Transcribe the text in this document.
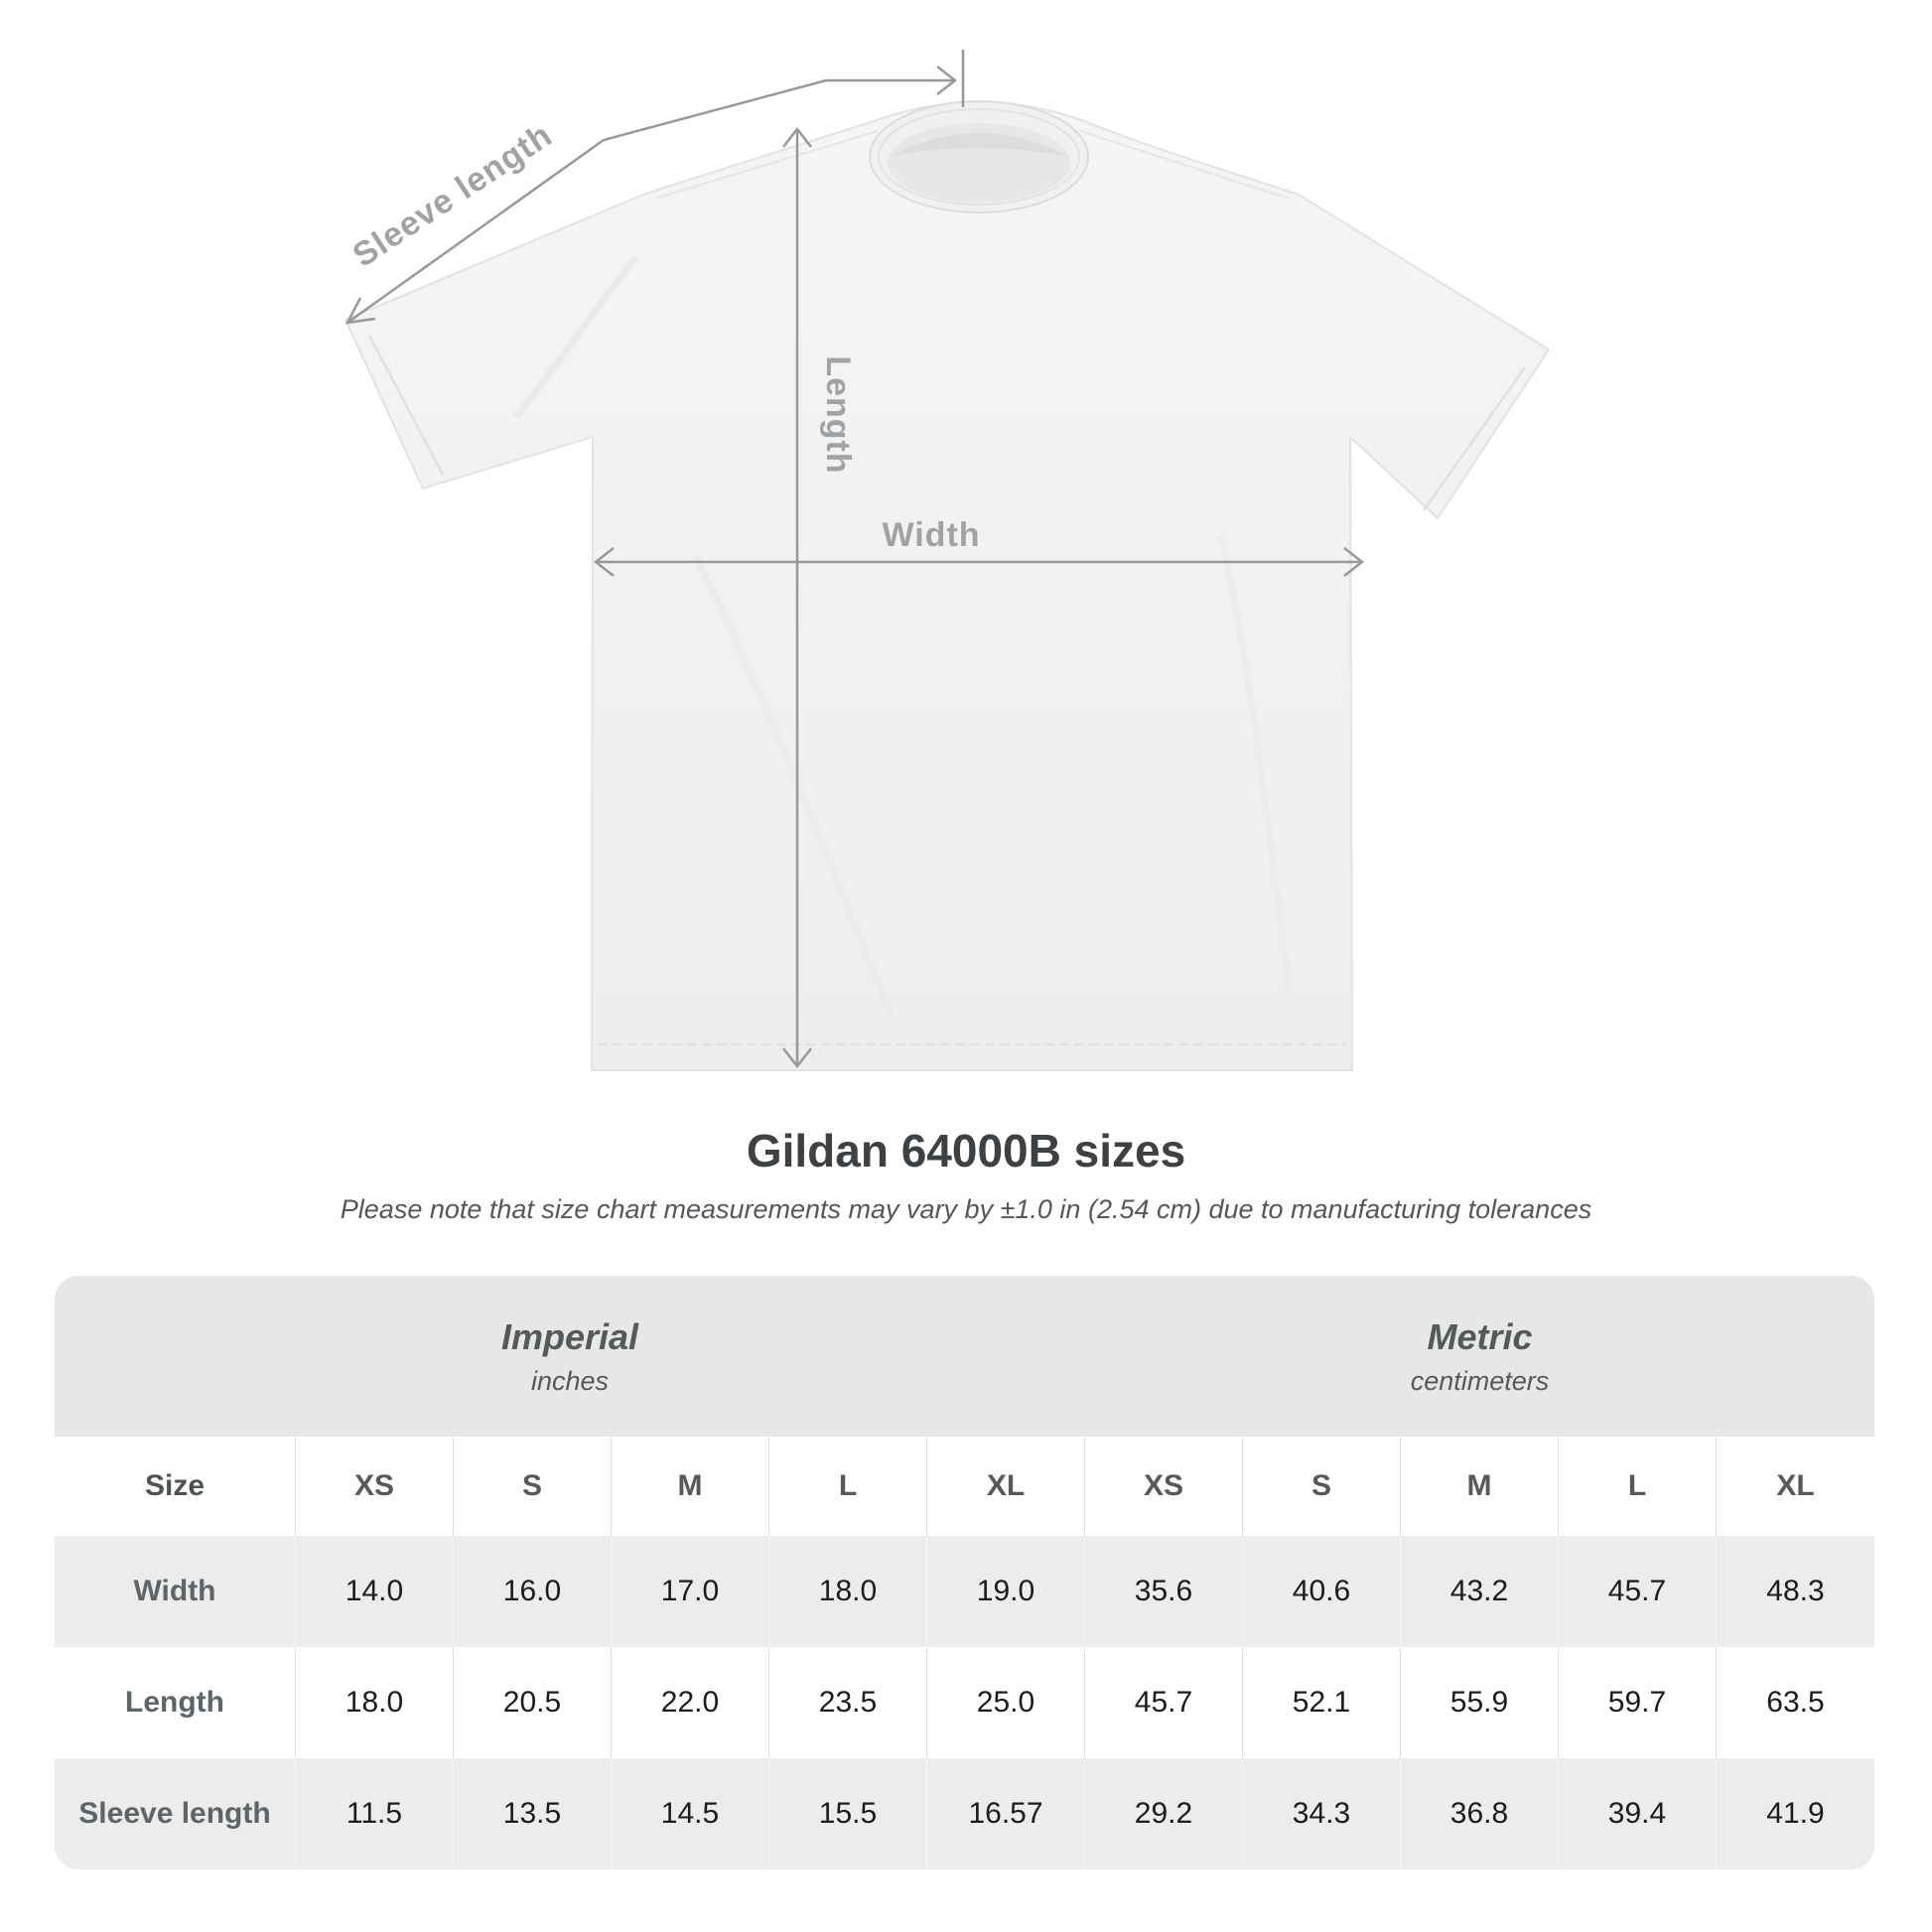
Sleeve length
Length
Width
Gildan 64000B sizes
Please note that size chart measurements may vary by ±1.0 in (2.54 cm) due to manufacturing tolerances
Imperial
inches
Metric
centimeters
Size	XS	S	M	L	XL	XS	S	M	L	XL
Width	14.0	16.0	17.0	18.0	19.0	35.6	40.6	43.2	45.7	48.3
Length	18.0	20.5	22.0	23.5	25.0	45.7	52.1	55.9	59.7	63.5
Sleeve length	11.5	13.5	14.5	15.5	16.57	29.2	34.3	36.8	39.4	41.9
